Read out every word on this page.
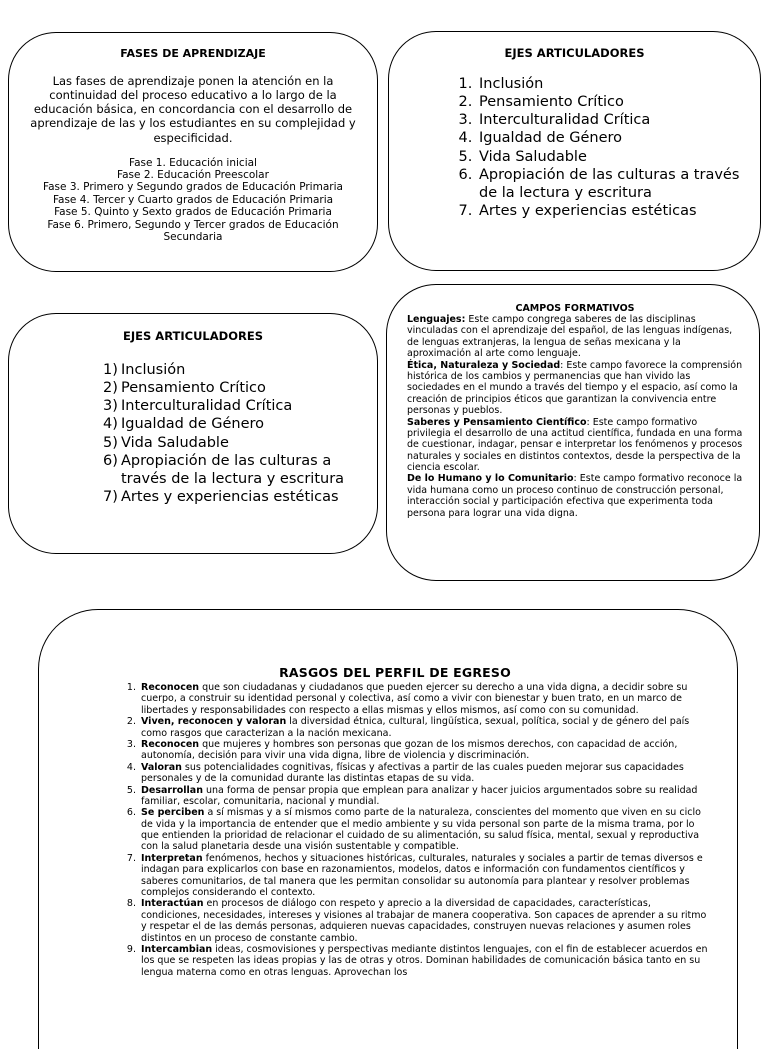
FASES DE APRENDIZAJE
Las fases de aprendizaje ponen la atención en la continuidad del proceso educativo a lo largo de la educación básica, en concordancia con el desarrollo de aprendizaje de las y los estudiantes en su complejidad y especificidad.
Fase 1. Educación inicial
Fase 2. Educación Preescolar
Fase 3. Primero y Segundo grados de Educación Primaria
Fase 4. Tercer y Cuarto grados de Educación Primaria
Fase 5. Quinto y Sexto grados de Educación Primaria
Fase 6. Primero, Segundo y Tercer grados de Educación Secundaria
EJES ARTICULADORES
1. Inclusión
2. Pensamiento Crítico
3. Interculturalidad Crítica
4. Igualdad de Género
5. Vida Saludable
6. Apropiación de las culturas a través de la lectura y escritura
7. Artes y experiencias estéticas
EJES ARTICULADORES
1) Inclusión
2) Pensamiento Crítico
3) Interculturalidad Crítica
4) Igualdad de Género
5) Vida Saludable
6) Apropiación de las culturas a través de la lectura y escritura
7) Artes y experiencias estéticas
CAMPOS FORMATIVOS

Lenguajes: Este campo congrega saberes de las disciplinas vinculadas con el aprendizaje del español, de las lenguas indígenas, de lenguas extranjeras, la lengua de señas mexicana y la aproximación al arte como lenguaje.

Ética, Naturaleza y Sociedad: Este campo favorece la comprensión histórica de los cambios y permanencias que han vivido las sociedades en el mundo a través del tiempo y el espacio, así como la creación de principios éticos que garantizan la convivencia entre personas y pueblos.

Saberes y Pensamiento Científico: Este campo formativo privilegia el desarrollo de una actitud científica, fundada en una forma de cuestionar, indagar, pensar e interpretar los fenómenos y procesos naturales y sociales en distintos contextos, desde la perspectiva de la ciencia escolar.

De lo Humano y lo Comunitario: Este campo formativo reconoce la vida humana como un proceso continuo de construcción personal, interacción social y participación efectiva que experimenta toda persona para lograr una vida digna.

RASGOS DEL PERFIL DE EGRESO
1. Reconocen que son ciudadanas y ciudadanos que pueden ejercer su derecho a una vida digna, a decidir sobre su cuerpo, a construir su identidad personal y colectiva, así como a vivir con bienestar y buen trato, en un marco de libertades y responsabilidades con respecto a ellas mismas y ellos mismos, así como con su comunidad.
2. Viven, reconocen y valoran la diversidad étnica, cultural, lingüística, sexual, política, social y de género del país como rasgos que caracterizan a la nación mexicana.
3. Reconocen que mujeres y hombres son personas que gozan de los mismos derechos, con capacidad de acción, autonomía, decisión para vivir una vida digna, libre de violencia y discriminación.
4. Valoran sus potencialidades cognitivas, físicas y afectivas a partir de las cuales pueden mejorar sus capacidades personales y de la comunidad durante las distintas etapas de su vida.
5. Desarrollan una forma de pensar propia que emplean para analizar y hacer juicios argumentados sobre su realidad familiar, escolar, comunitaria, nacional y mundial.
6. Se perciben a sí mismas y a sí mismos como parte de la naturaleza, conscientes del momento que viven en su ciclo de vida y la importancia de entender que el medio ambiente y su vida personal son parte de la misma trama, por lo que entienden la prioridad de relacionar el cuidado de su alimentación, su salud física, mental, sexual y reproductiva con la salud planetaria desde una visión sustentable y compatible.
7. Interpretan fenómenos, hechos y situaciones históricas, culturales, naturales y sociales a partir de temas diversos e indagan para explicarlos con base en razonamientos, modelos, datos e información con fundamentos científicos y saberes comunitarios, de tal manera que les permitan consolidar su autonomía para plantear y resolver problemas complejos considerando el contexto.
8. Interactúan en procesos de diálogo con respeto y aprecio a la diversidad de capacidades, características, condiciones, necesidades, intereses y visiones al trabajar de manera cooperativa. Son capaces de aprender a su ritmo y respetar el de las demás personas, adquieren nuevas capacidades, construyen nuevas relaciones y asumen roles distintos en un proceso de constante cambio.
9. Intercambian ideas, cosmovisiones y perspectivas mediante distintos lenguajes, con el fin de establecer acuerdos en los que se respeten las ideas propias y las de otras y otros. Dominan habilidades de comunicación básica tanto en su lengua materna como en otras lenguas. Aprovechan los
